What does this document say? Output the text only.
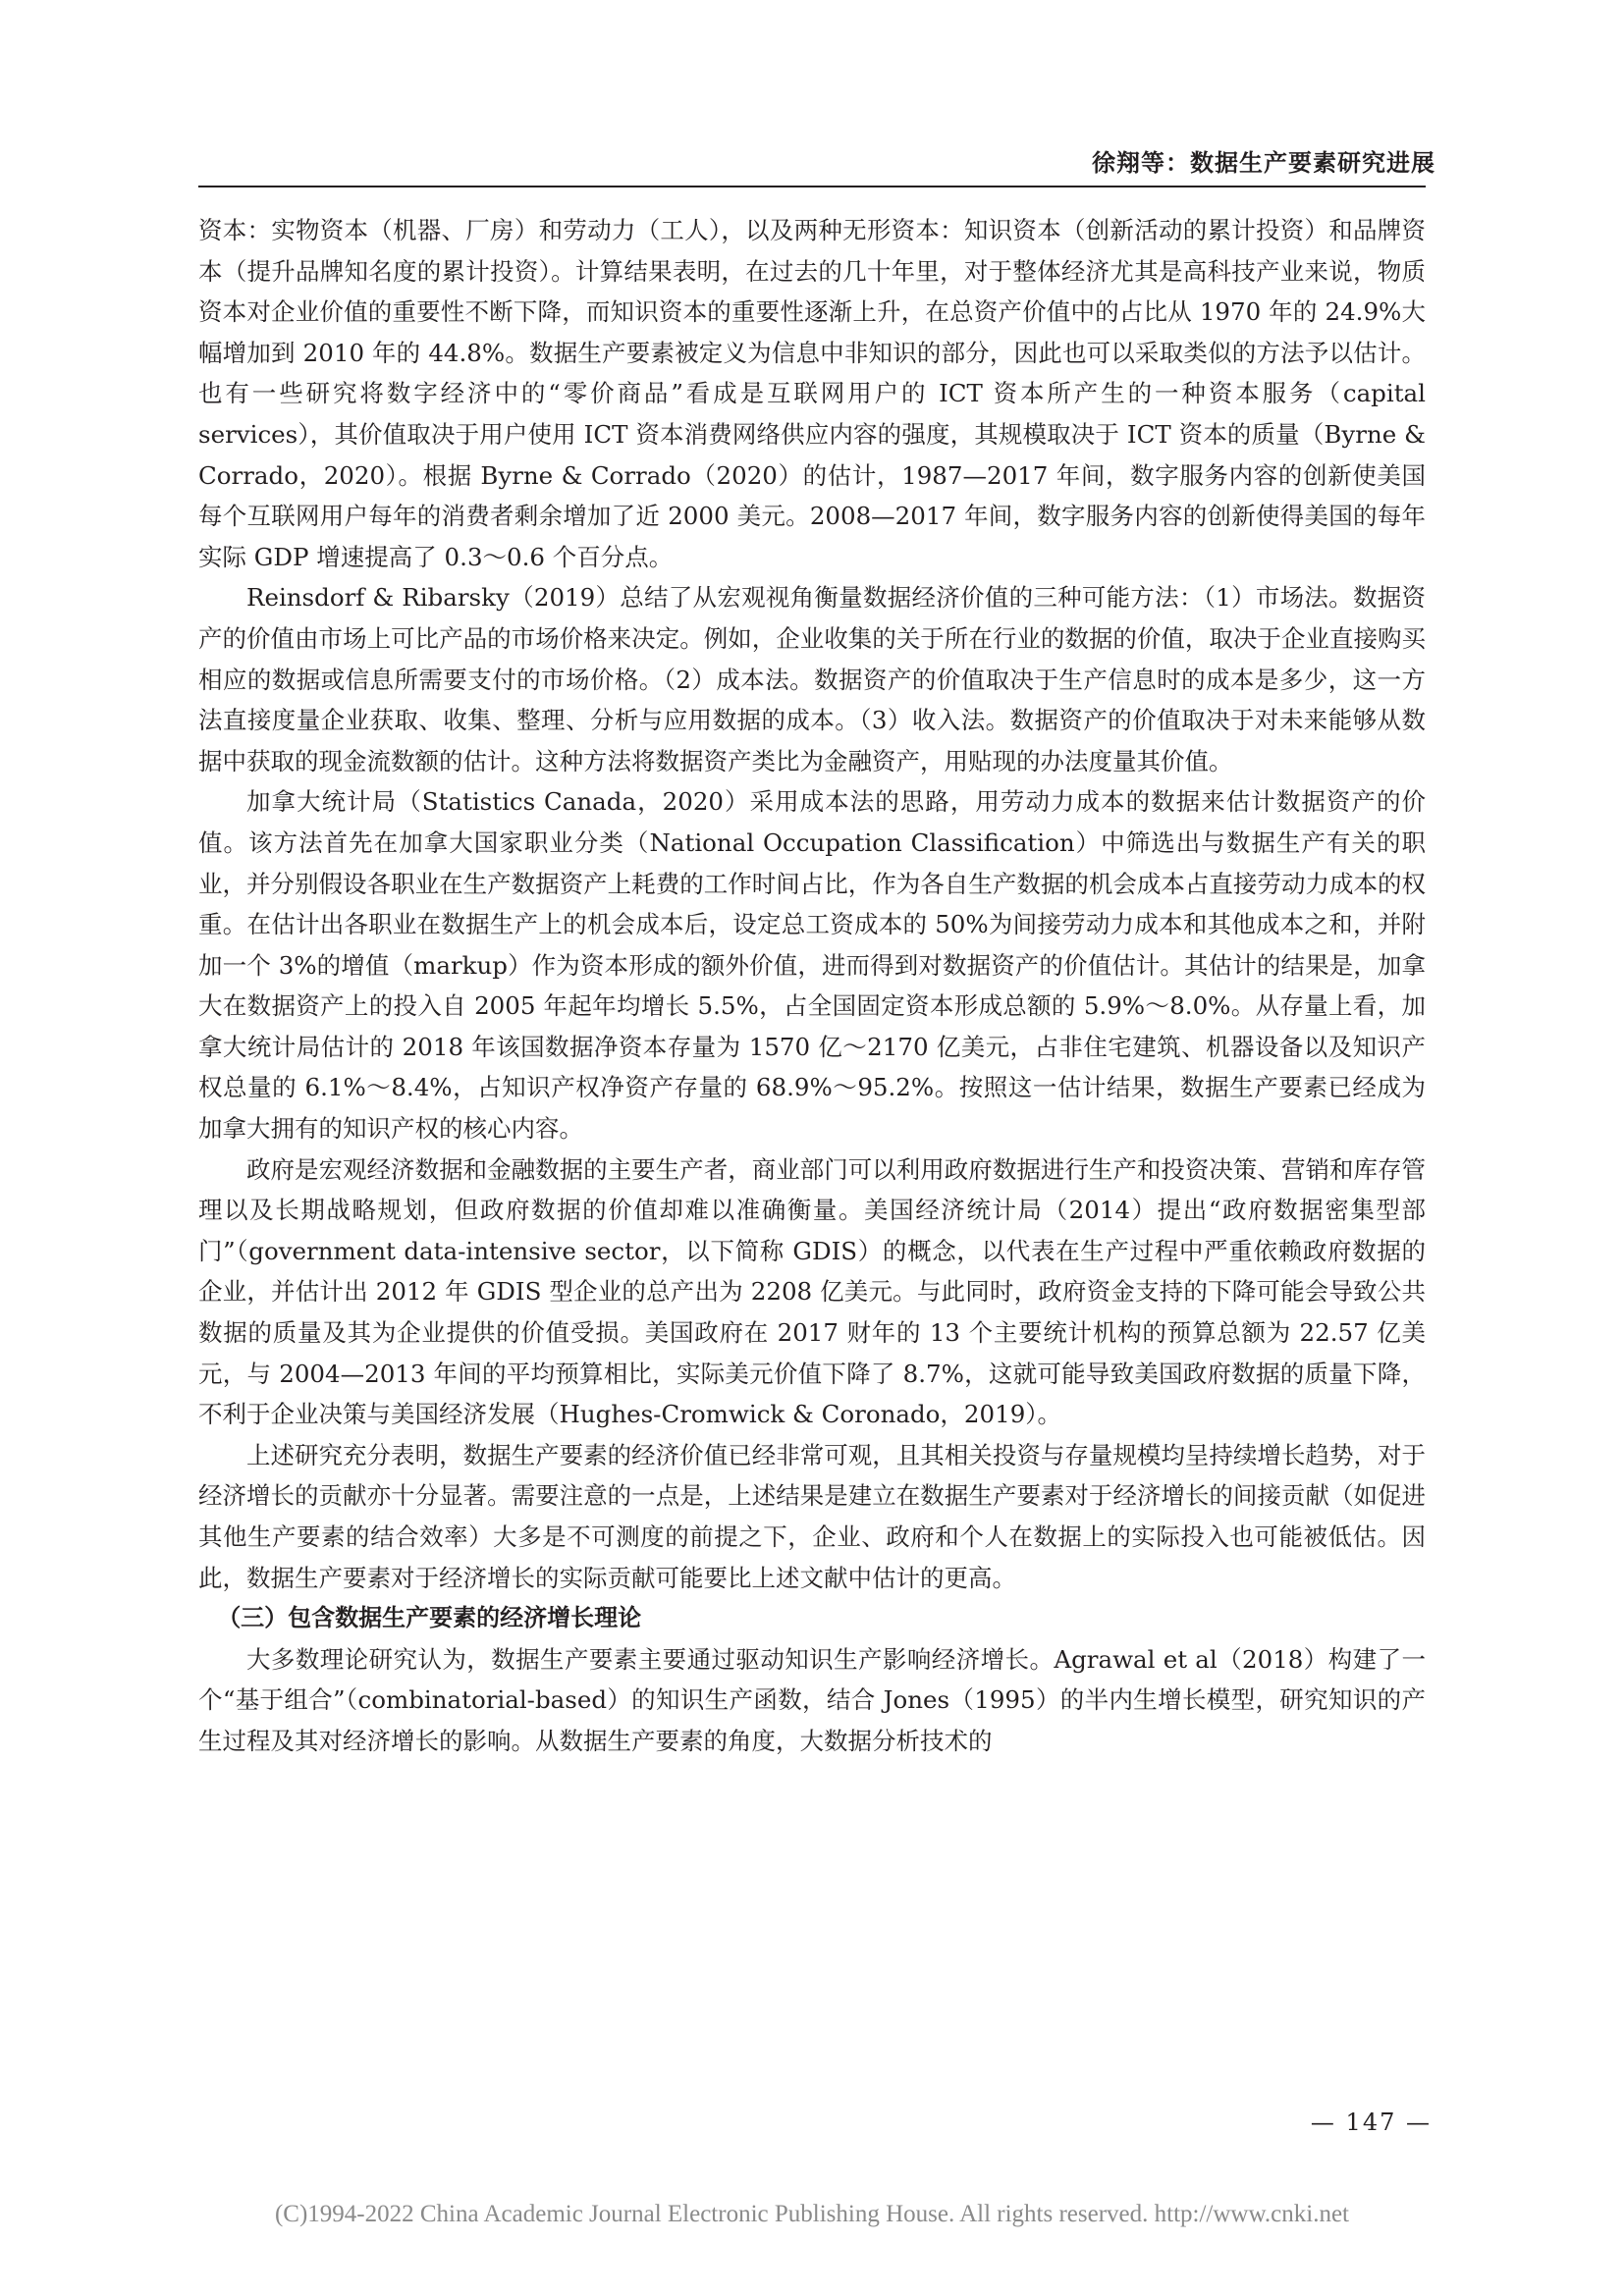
徐翔等：数据生产要素研究进展

资本：实物资本（机器、厂房）和劳动力（工人），以及两种无形资本：知识资本（创新活动的累计投资）和品牌资本（提升品牌知名度的累计投资）。计算结果表明，在过去的几十年里，对于整体经济尤其是高科技产业来说，物质资本对企业价值的重要性不断下降，而知识资本的重要性逐渐上升，在总资产价值中的占比从 1970 年的 24.9%大幅增加到 2010 年的 44.8%。数据生产要素被定义为信息中非知识的部分，因此也可以采取类似的方法予以估计。也有一些研究将数字经济中的“零价商品”看成是互联网用户的 ICT 资本所产生的一种资本服务（capital services），其价值取决于用户使用 ICT 资本消费网络供应内容的强度，其规模取决于 ICT 资本的质量（Byrne & Corrado，2020）。根据 Byrne & Corrado（2020）的估计，1987—2017 年间，数字服务内容的创新使美国每个互联网用户每年的消费者剩余增加了近 2000 美元。2008—2017 年间，数字服务内容的创新使得美国的每年实际 GDP 增速提高了 0.3～0.6 个百分点。

Reinsdorf & Ribarsky（2019）总结了从宏观视角衡量数据经济价值的三种可能方法：（1）市场法。数据资产的价值由市场上可比产品的市场价格来决定。例如，企业收集的关于所在行业的数据的价值，取决于企业直接购买相应的数据或信息所需要支付的市场价格。（2）成本法。数据资产的价值取决于生产信息时的成本是多少，这一方法直接度量企业获取、收集、整理、分析与应用数据的成本。（3）收入法。数据资产的价值取决于对未来能够从数据中获取的现金流数额的估计。这种方法将数据资产类比为金融资产，用贴现的办法度量其价值。

加拿大统计局（Statistics Canada，2020）采用成本法的思路，用劳动力成本的数据来估计数据资产的价值。该方法首先在加拿大国家职业分类（National Occupation Classification）中筛选出与数据生产有关的职业，并分别假设各职业在生产数据资产上耗费的工作时间占比，作为各自生产数据的机会成本占直接劳动力成本的权重。在估计出各职业在数据生产上的机会成本后，设定总工资成本的 50%为间接劳动力成本和其他成本之和，并附加一个 3%的增值（markup）作为资本形成的额外价值，进而得到对数据资产的价值估计。其估计的结果是，加拿大在数据资产上的投入自 2005 年起年均增长 5.5%，占全国固定资本形成总额的 5.9%～8.0%。从存量上看，加拿大统计局估计的 2018 年该国数据净资本存量为 1570 亿～2170 亿美元，占非住宅建筑、机器设备以及知识产权总量的 6.1%～8.4%，占知识产权净资产存量的 68.9%～95.2%。按照这一估计结果，数据生产要素已经成为加拿大拥有的知识产权的核心内容。

政府是宏观经济数据和金融数据的主要生产者，商业部门可以利用政府数据进行生产和投资决策、营销和库存管理以及长期战略规划，但政府数据的价值却难以准确衡量。美国经济统计局（2014）提出“政府数据密集型部门”（government data-intensive sector，以下简称 GDIS）的概念，以代表在生产过程中严重依赖政府数据的企业，并估计出 2012 年 GDIS 型企业的总产出为 2208 亿美元。与此同时，政府资金支持的下降可能会导致公共数据的质量及其为企业提供的价值受损。美国政府在 2017 财年的 13 个主要统计机构的预算总额为 22.57 亿美元，与 2004—2013 年间的平均预算相比，实际美元价值下降了 8.7%，这就可能导致美国政府数据的质量下降，不利于企业决策与美国经济发展（Hughes-Cromwick & Coronado，2019）。

上述研究充分表明，数据生产要素的经济价值已经非常可观，且其相关投资与存量规模均呈持续增长趋势，对于经济增长的贡献亦十分显著。需要注意的一点是，上述结果是建立在数据生产要素对于经济增长的间接贡献（如促进其他生产要素的结合效率）大多是不可测度的前提之下，企业、政府和个人在数据上的实际投入也可能被低估。因此，数据生产要素对于经济增长的实际贡献可能要比上述文献中估计的更高。

（三）包含数据生产要素的经济增长理论

大多数理论研究认为，数据生产要素主要通过驱动知识生产影响经济增长。Agrawal et al（2018）构建了一个“基于组合”（combinatorial-based）的知识生产函数，结合 Jones（1995）的半内生增长模型，研究知识的产生过程及其对经济增长的影响。从数据生产要素的角度，大数据分析技术的

— 147 —
(C)1994-2022 China Academic Journal Electronic Publishing House. All rights reserved. http://www.cnki.net
